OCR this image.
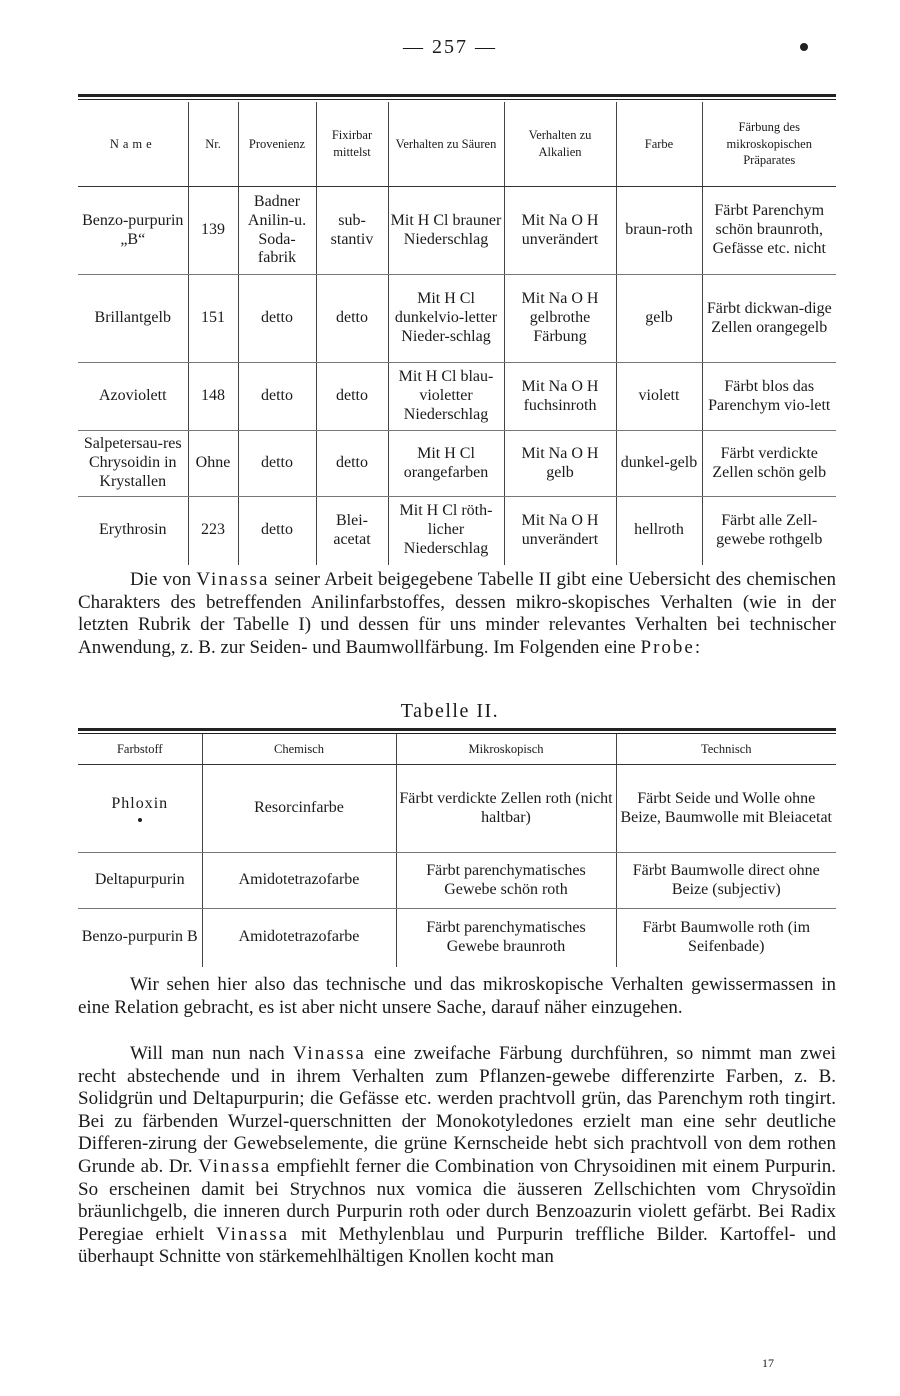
— 257 —
Name	Nr.	Provenienz	Fixirbar mittelst	Verhalten zu Säuren	Verhalten zu Alkalien	Farbe	Färbung des mikroskopischen Präparates
Benzo-purpurin „B“	139	Badner Anilin-u. Soda-fabrik	sub-stantiv	Mit H Cl brauner Niederschlag	Mit Na O H unverändert	braun-roth	Färbt Parenchym schön braunroth, Gefässe etc. nicht
Brillantgelb	151	detto	detto	Mit H Cl dunkelvio-letter Nieder-schlag	Mit Na O H gelbrothe Färbung	gelb	Färbt dickwan-dige Zellen orangegelb
Azoviolett	148	detto	detto	Mit H Cl blau-violetter Niederschlag	Mit Na O H fuchsinroth	violett	Färbt blos das Parenchym vio-lett
Salpetersau-res Chrysoidin in Krystallen	Ohne	detto	detto	Mit H Cl orangefarben	Mit Na O H gelb	dunkel-gelb	Färbt verdickte Zellen schön gelb
Erythrosin	223	detto	Blei-acetat	Mit H Cl röth-licher Niederschlag	Mit Na O H unverändert	hellroth	Färbt alle Zell-gewebe rothgelb

Die von Vinassa seiner Arbeit beigegebene Tabelle II gibt eine Uebersicht des chemischen Charakters des betreffenden Anilinfarbstoffes, dessen mikro-skopisches Verhalten (wie in der letzten Rubrik der Tabelle I) und dessen für uns minder relevantes Verhalten bei technischer Anwendung, z. B. zur Seiden- und Baumwollfärbung. Im Folgenden eine Probe:

Tabelle II.
Farbstoff	Chemisch	Mikroskopisch	Technisch
Phloxin	Resorcinfarbe	Färbt verdickte Zellen roth (nicht haltbar)	Färbt Seide und Wolle ohne Beize, Baumwolle mit Bleiacetat
Deltapurpurin	Amidotetrazofarbe	Färbt parenchymatisches Gewebe schön roth	Färbt Baumwolle direct ohne Beize (subjectiv)
Benzo-purpurin B	Amidotetrazofarbe	Färbt parenchymatisches Gewebe braunroth	Färbt Baumwolle roth (im Seifenbade)

Wir sehen hier also das technische und das mikroskopische Verhalten gewissermassen in eine Relation gebracht, es ist aber nicht unsere Sache, darauf näher einzugehen.

Will man nun nach Vinassa eine zweifache Färbung durchführen, so nimmt man zwei recht abstechende und in ihrem Verhalten zum Pflanzen-gewebe differenzirte Farben, z. B. Solidgrün und Deltapurpurin; die Gefässe etc. werden prachtvoll grün, das Parenchym roth tingirt. Bei zu färbenden Wurzel-querschnitten der Monokotyledones erzielt man eine sehr deutliche Differen-zirung der Gewebselemente, die grüne Kernscheide hebt sich prachtvoll von dem rothen Grunde ab. Dr. Vinassa empfiehlt ferner die Combination von Chrysoidinen mit einem Purpurin. So erscheinen damit bei Strychnos nux vomica die äusseren Zellschichten vom Chrysoïdin bräunlichgelb, die inneren durch Purpurin roth oder durch Benzoazurin violett gefärbt. Bei Radix Peregiae erhielt Vinassa mit Methylenblau und Purpurin treffliche Bilder. Kartoffel- und überhaupt Schnitte von stärkemehlhältigen Knollen kocht man

17
